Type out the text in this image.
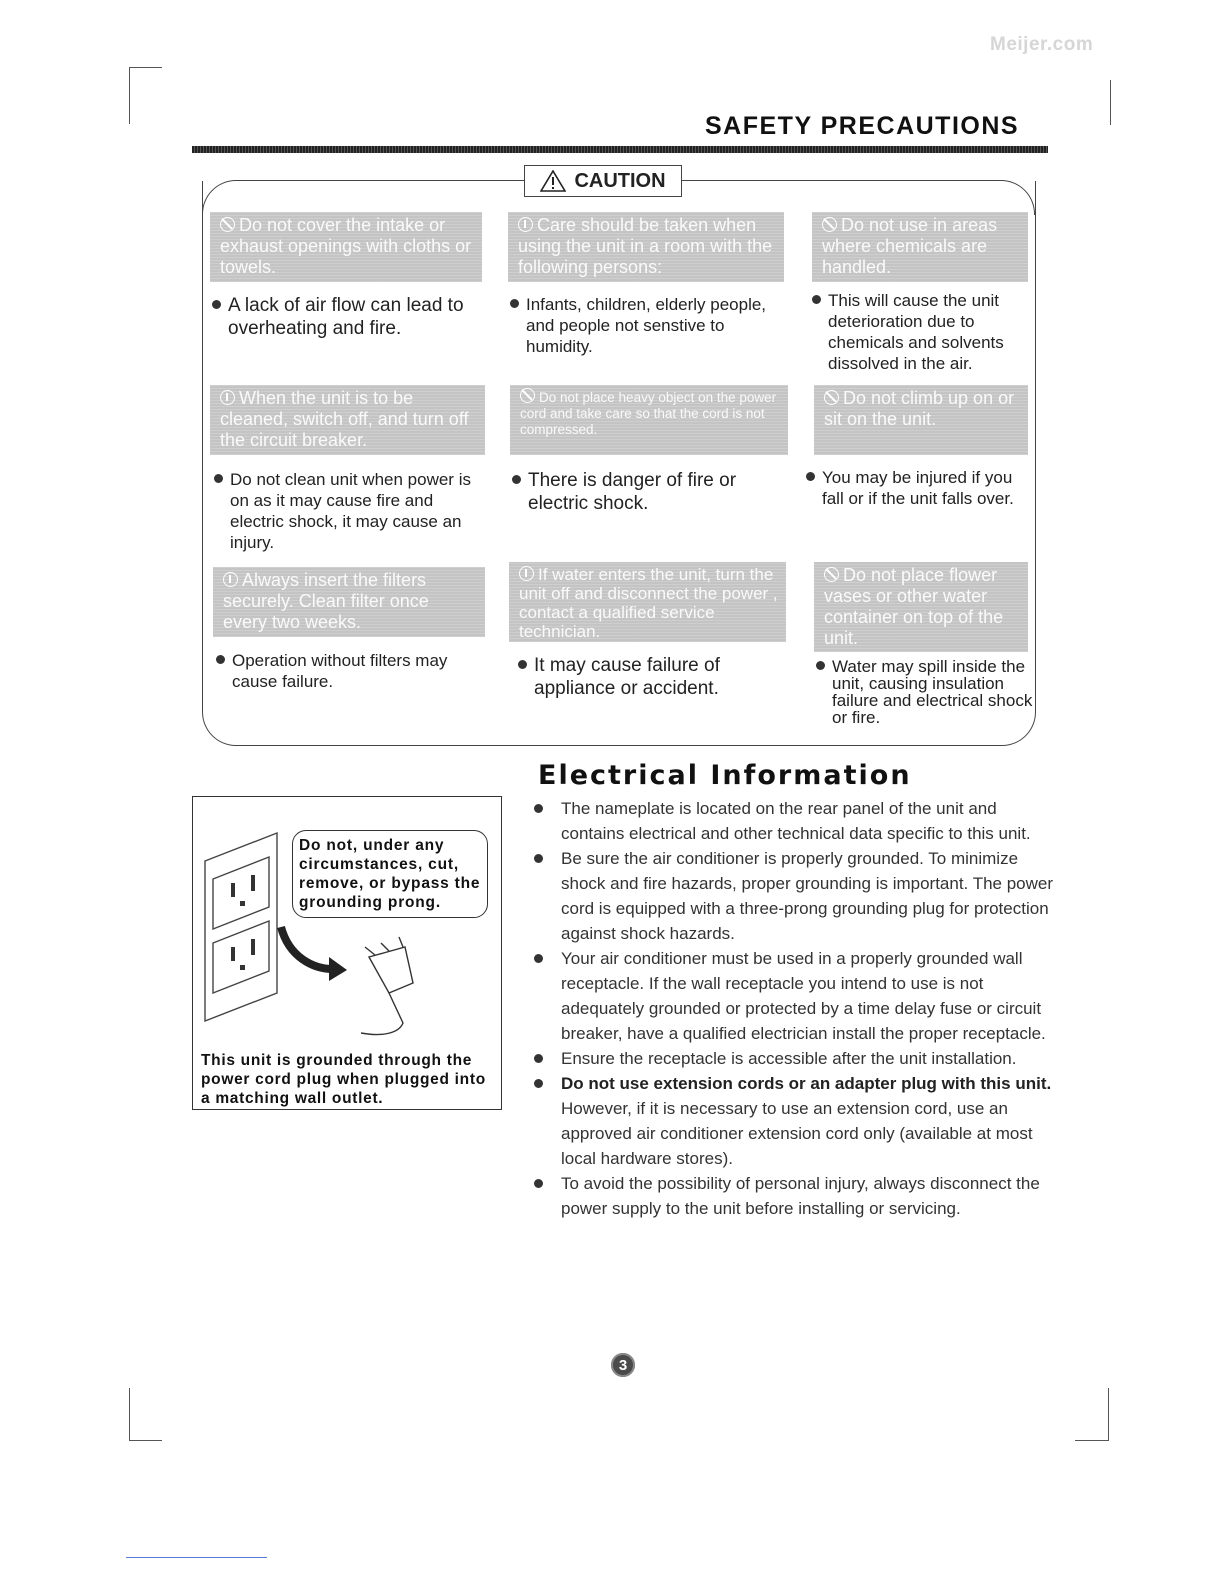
Meijer.com
SAFETY PRECAUTIONS
CAUTION
Do not cover the intake or exhaust openings with cloths or towels.
Care should be taken when using the unit in a room with the following persons:
Do not use in areas where chemicals are handled.
A lack of air flow can lead to overheating and fire.
Infants, children, elderly people, and people not senstive to humidity.
This will cause the unit deterioration due to chemicals and solvents dissolved in the air.
When the unit is to be cleaned, switch off, and turn off the circuit breaker.
Do not place heavy object on the power cord and take care so that the cord is not compressed.
Do not climb up on or sit on the unit.
Do not clean unit when power is on as it may cause fire and electric shock, it may cause an injury.
There is danger of fire or electric shock.
You may be injured if you fall or if the unit falls over.
Always insert the filters securely. Clean filter once every two weeks.
If water enters the unit, turn the unit off and disconnect the power , contact a qualified service technician.
Do not place flower vases or other water container on top of the unit.
Operation without filters may cause failure.
It may cause failure of appliance or accident.
Water may spill inside the unit, causing insulation failure and electrical shock or fire.
Electrical Information
Do not, under any circumstances, cut, remove, or bypass the grounding prong.
This unit is grounded through the power cord plug when plugged into a matching wall outlet.
The nameplate is located on the rear panel of the unit and contains electrical and other technical data specific to this unit.
Be sure the air conditioner is properly grounded. To minimize shock and fire hazards, proper grounding is important. The power cord is equipped with a three-prong grounding plug for protection against shock hazards.
Your air conditioner must be used in a properly grounded wall receptacle. If the wall receptacle you intend to use is not adequately grounded or protected by a time delay fuse or circuit breaker, have a qualified electrician install the proper receptacle.
Ensure the receptacle is accessible after the unit installation.
Do not use extension cords or an adapter plug with this unit. However, if it is necessary to use an extension cord, use an approved air conditioner extension cord only (available at most local hardware stores).
To avoid the possibility of personal injury, always disconnect the power supply to the unit before installing or servicing.
3
